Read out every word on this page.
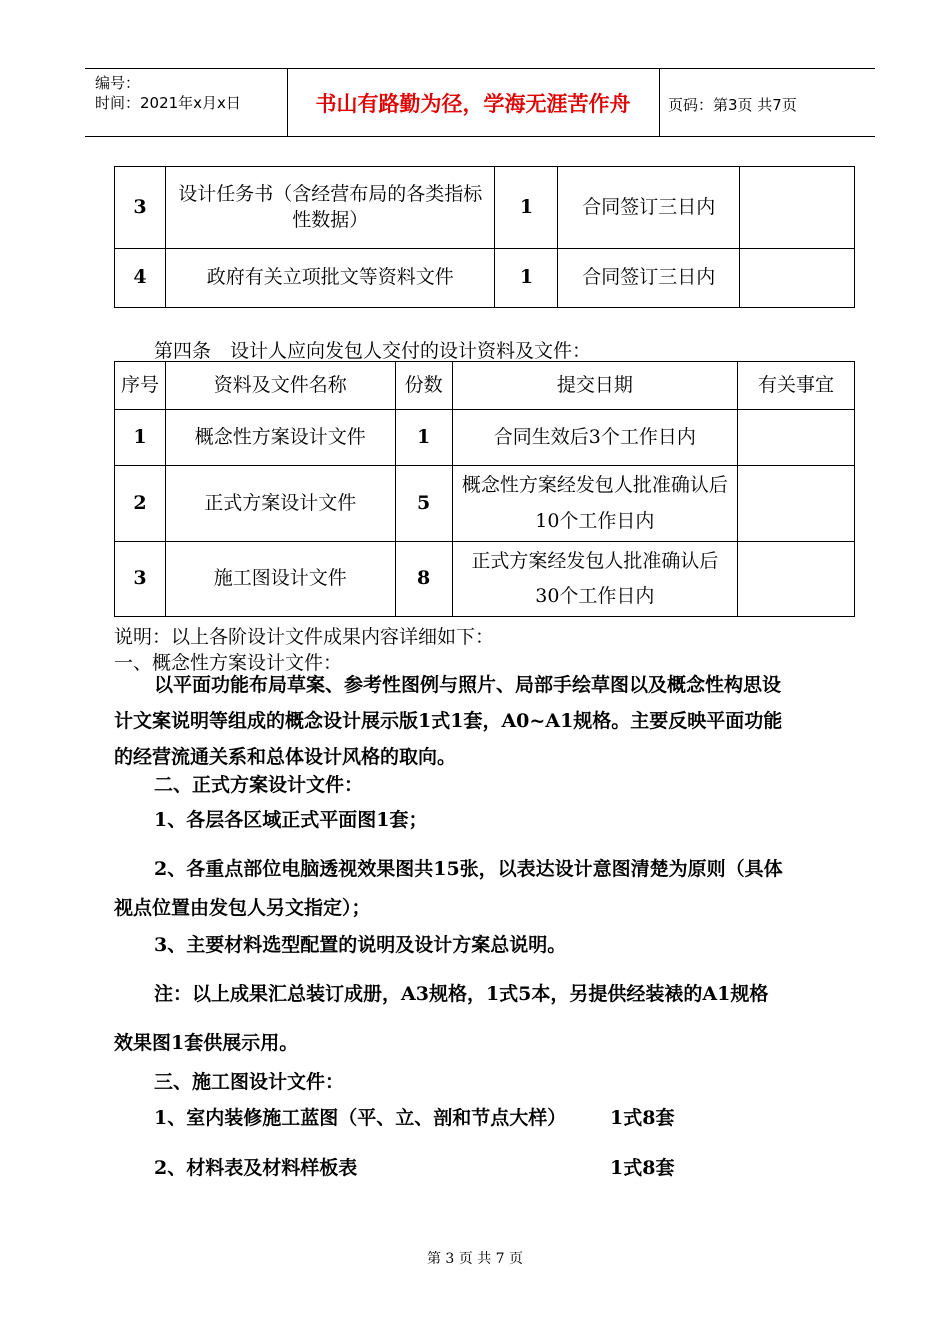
编号：
时间：2021年x月x日	书山有路勤为径，学海无涯苦作舟	页码：第3页 共7页
3	设计任务书（含经营布局的各类指标性数据）	1	合同签订三日内	
4	政府有关立项批文等资料文件	1	合同签订三日内	
第四条　设计人应向发包人交付的设计资料及文件：
序号	资料及文件名称	份数	提交日期	有关事宜
1	概念性方案设计文件	1	合同生效后3个工作日内	
2	正式方案设计文件	5	概念性方案经发包人批准确认后10个工作日内	
3	施工图设计文件	8	正式方案经发包人批准确认后30个工作日内	
说明：以上各阶设计文件成果内容详细如下：
一、概念性方案设计文件：
以平面功能布局草案、参考性图例与照片、局部手绘草图以及概念性构思设
计文案说明等组成的概念设计展示版1式1套，A0~A1规格。主要反映平面功能
的经营流通关系和总体设计风格的取向。
二、正式方案设计文件：
1、各层各区域正式平面图1套；
2、各重点部位电脑透视效果图共15张，以表达设计意图清楚为原则（具体
视点位置由发包人另文指定）；
3、主要材料选型配置的说明及设计方案总说明。
注：以上成果汇总装订成册，A3规格，1式5本，另提供经装裱的A1规格
效果图1套供展示用。
三、施工图设计文件：
1、室内装修施工蓝图（平、立、剖和节点大样） 1式8套
2、材料表及材料样板表	1式8套
第 3 页 共 7 页
